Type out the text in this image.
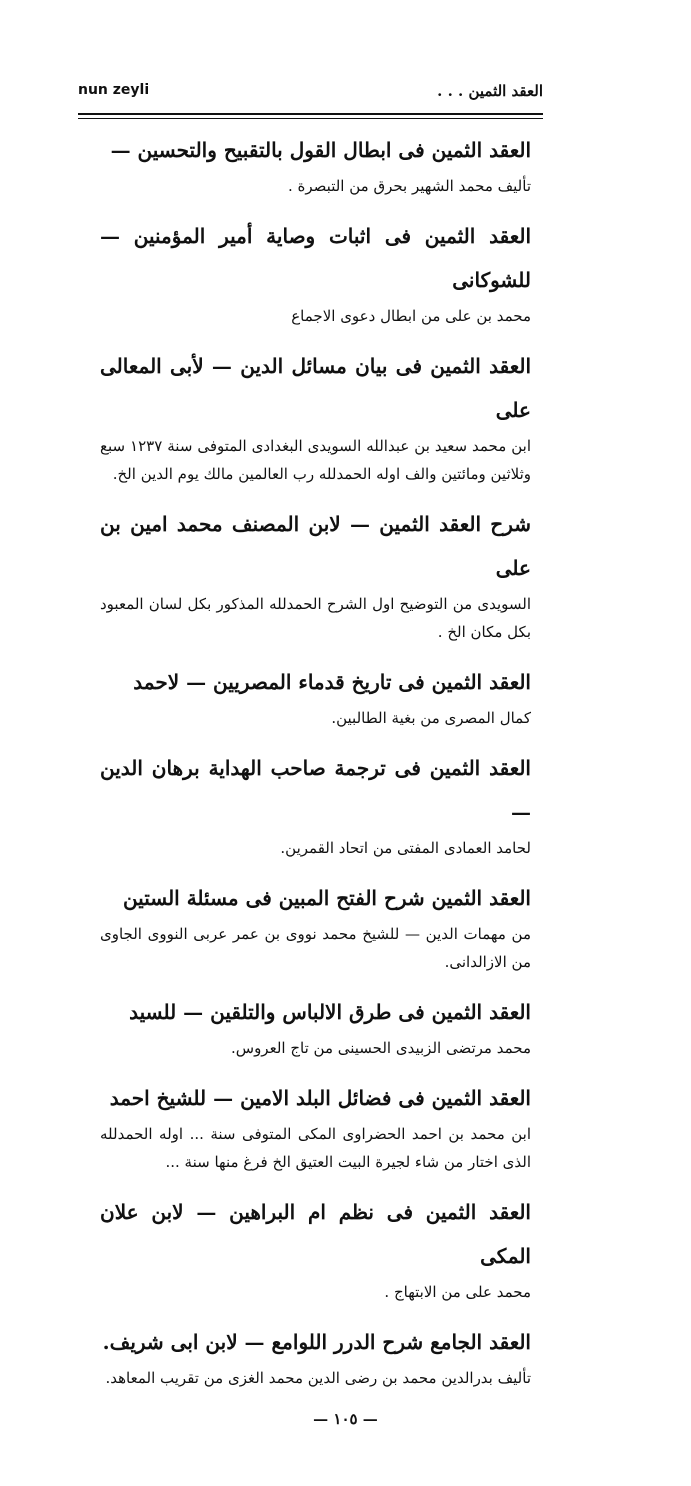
nun zeyli	العقد الثمين . . .
العقد الثمين فى ابطال القول بالتقبيح والتحسين —
تأليف محمد الشهير بحرق من التبصرة .
العقد الثمين فى اثبات وصاية أمير المؤمنين — للشوكانى
محمد بن على من ابطال دعوى الاجماع
العقد الثمين فى بيان مسائل الدين — لأبى المعالى على
ابن محمد سعيد بن عبدالله السويدى البغدادى المتوفى سنة ١٢٣٧ سبع وثلاثين ومائتين والف اوله الحمدلله رب العالمين مالك يوم الدين الخ.
شرح العقد الثمين — لابن المصنف محمد امين بن على
السويدى من التوضيح اول الشرح الحمدلله المذكور بكل لسان المعبود بكل مكان الخ .
العقد الثمين فى تاريخ قدماء المصريين — لاحمد
كمال المصرى من بغية الطالبين.
العقد الثمين فى ترجمة صاحب الهداية برهان الدين —
لحامد العمادى المفتى من اتحاد القمرين.
العقد الثمين شرح الفتح المبين فى مسئلة الستين
من مهمات الدين — للشيخ محمد نووى بن عمر عربى النووى الجاوى من الازالدانى.
العقد الثمين فى طرق الالباس والتلقين — للسيد
محمد مرتضى الزبيدى الحسينى من تاج العروس.
العقد الثمين فى فضائل البلد الامين — للشيخ احمد
ابن محمد بن احمد الحضراوى المكى المتوفى سنة ... اوله الحمدلله الذى اختار من شاء لجيرة البيت العتيق الخ فرغ منها سنة ...
العقد الثمين فى نظم ام البراهين — لابن علان المكى
محمد على من الابتهاج .
العقد الجامع شرح الدرر اللوامع — لابن ابى شريف.
تأليف بدرالدين محمد بن رضى الدين محمد الغزى من تقريب المعاهد.
— ١٠٥ —
